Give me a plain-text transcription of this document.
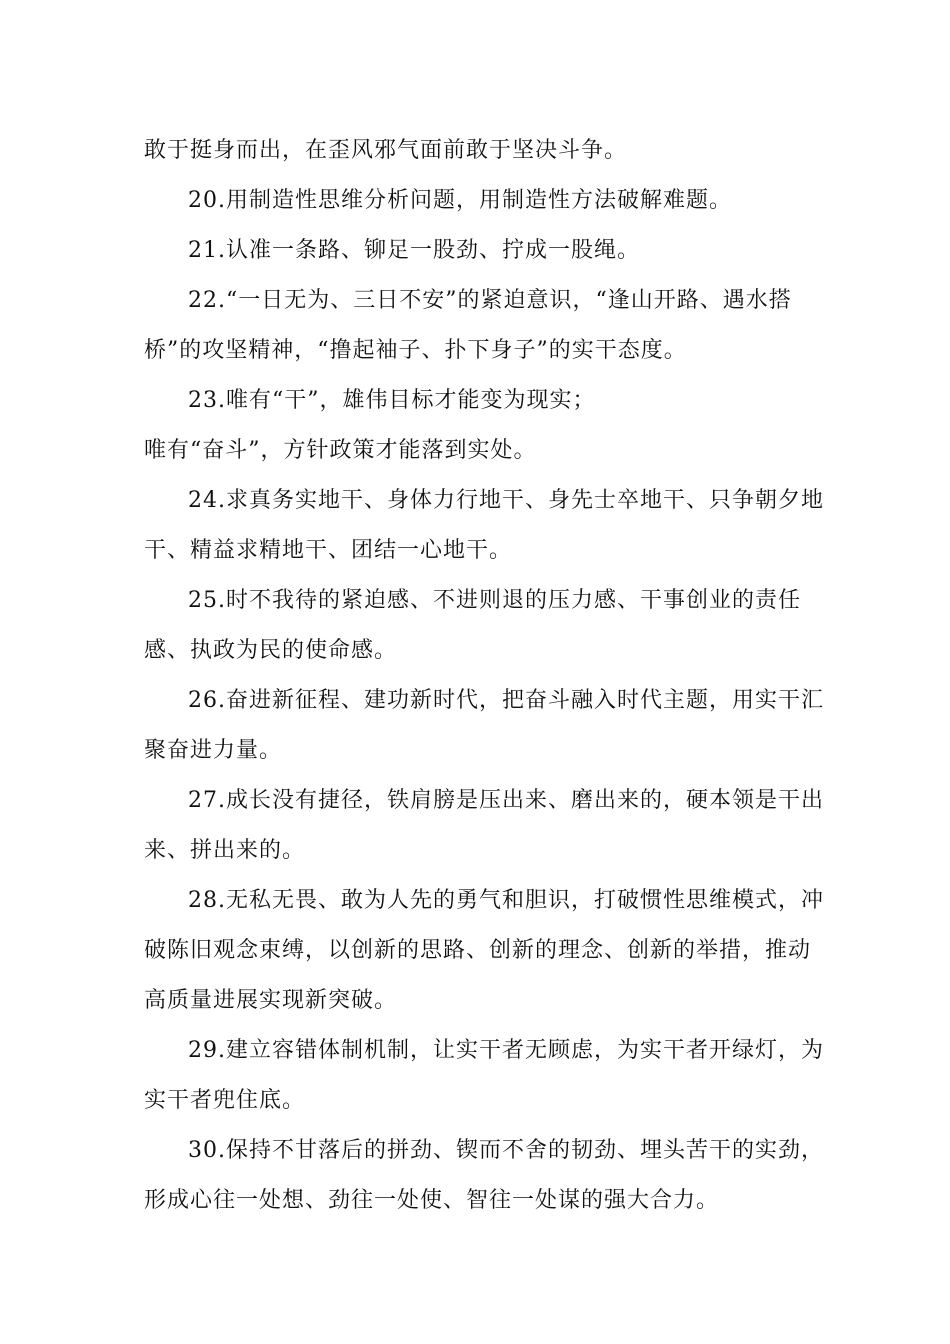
敢于挺身而出，在歪风邪气面前敢于坚决斗争。

20.用制造性思维分析问题，用制造性方法破解难题。

21.认准一条路、铆足一股劲、拧成一股绳。

22.“一日无为、三日不安”的紧迫意识，“逢山开路、遇水搭桥”的攻坚精神，“撸起袖子、扑下身子”的实干态度。

23.唯有“干”，雄伟目标才能变为现实；

唯有“奋斗”，方针政策才能落到实处。

24.求真务实地干、身体力行地干、身先士卒地干、只争朝夕地干、精益求精地干、团结一心地干。

25.时不我待的紧迫感、不进则退的压力感、干事创业的责任感、执政为民的使命感。

26.奋进新征程、建功新时代，把奋斗融入时代主题，用实干汇聚奋进力量。

27.成长没有捷径，铁肩膀是压出来、磨出来的，硬本领是干出来、拼出来的。

28.无私无畏、敢为人先的勇气和胆识，打破惯性思维模式，冲破陈旧观念束缚，以创新的思路、创新的理念、创新的举措，推动高质量进展实现新突破。

29.建立容错体制机制，让实干者无顾虑，为实干者开绿灯，为实干者兜住底。

30.保持不甘落后的拼劲、锲而不舍的韧劲、埋头苦干的实劲，形成心往一处想、劲往一处使、智往一处谋的强大合力。
